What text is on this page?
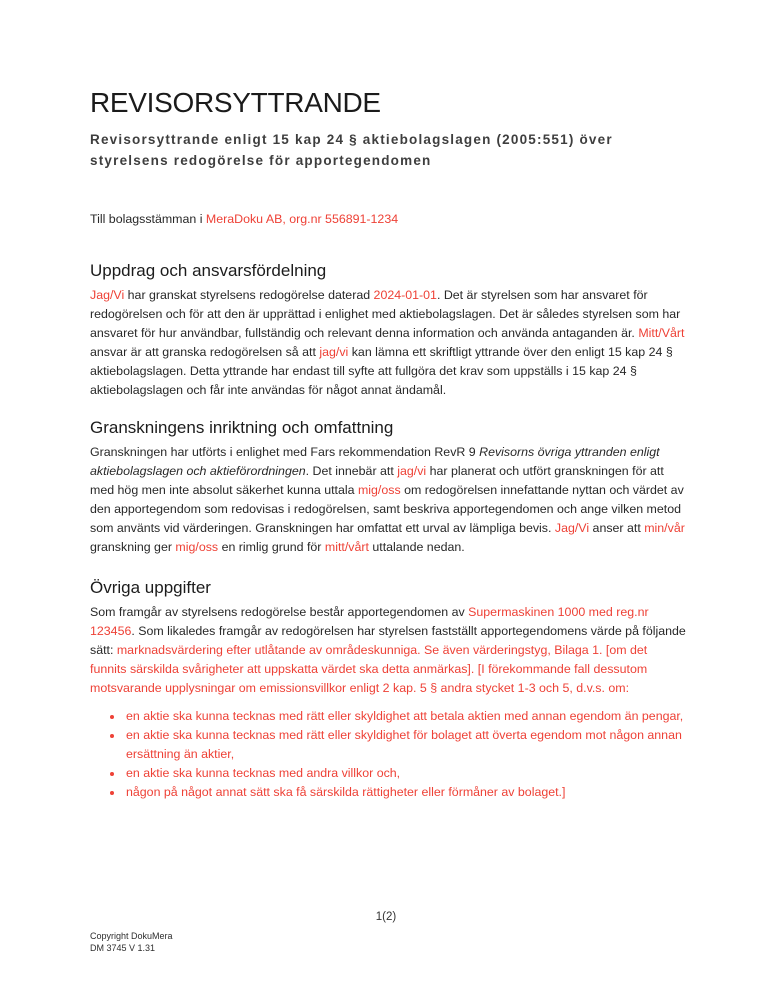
REVISORSYTTRANDE

Revisorsyttrande enligt 15 kap 24 § aktiebolagslagen (2005:551) över styrelsens redogörelse för apportegendomen

Till bolagsstämman i MeraDoku AB, org.nr 556891-1234

Uppdrag och ansvarsfördelning

Jag/Vi har granskat styrelsens redogörelse daterad 2024-01-01. Det är styrelsen som har ansvaret för redogörelsen och för att den är upprättad i enlighet med aktiebolagslagen. Det är således styrelsen som har ansvaret för hur användbar, fullständig och relevant denna information och använda antaganden är. Mitt/Vårt ansvar är att granska redogörelsen så att jag/vi kan lämna ett skriftligt yttrande över den enligt 15 kap 24 § aktiebolagslagen. Detta yttrande har endast till syfte att fullgöra det krav som uppställs i 15 kap 24 § aktiebolagslagen och får inte användas för något annat ändamål.

Granskningens inriktning och omfattning

Granskningen har utförts i enlighet med Fars rekommendation RevR 9 Revisorns övriga yttranden enligt aktiebolagslagen och aktieförordningen. Det innebär att jag/vi har planerat och utfört granskningen för att med hög men inte absolut säkerhet kunna uttala mig/oss om redogörelsen innefattande nyttan och värdet av den apportegendom som redovisas i redogörelsen, samt beskriva apportegendomen och ange vilken metod som använts vid värderingen. Granskningen har omfattat ett urval av lämpliga bevis. Jag/Vi anser att min/vår granskning ger mig/oss en rimlig grund för mitt/vårt uttalande nedan.

Övriga uppgifter

Som framgår av styrelsens redogörelse består apportegendomen av Supermaskinen 1000 med reg.nr 123456. Som likaledes framgår av redogörelsen har styrelsen fastställt apportegendomens värde på följande sätt: marknadsvärdering efter utlåtande av områdeskunniga. Se även värderingstyg, Bilaga 1. [om det funnits särskilda svårigheter att uppskatta värdet ska detta anmärkas]. [I förekommande fall dessutom motsvarande upplysningar om emissionsvillkor enligt 2 kap. 5 § andra stycket 1-3 och 5, d.v.s. om:

• en aktie ska kunna tecknas med rätt eller skyldighet att betala aktien med annan egendom än pengar,
• en aktie ska kunna tecknas med rätt eller skyldighet för bolaget att överta egendom mot någon annan ersättning än aktier,
• en aktie ska kunna tecknas med andra villkor och,
• någon på något annat sätt ska få särskilda rättigheter eller förmåner av bolaget.]
1(2)
Copyright DokuMera
DM 3745 V 1.31
